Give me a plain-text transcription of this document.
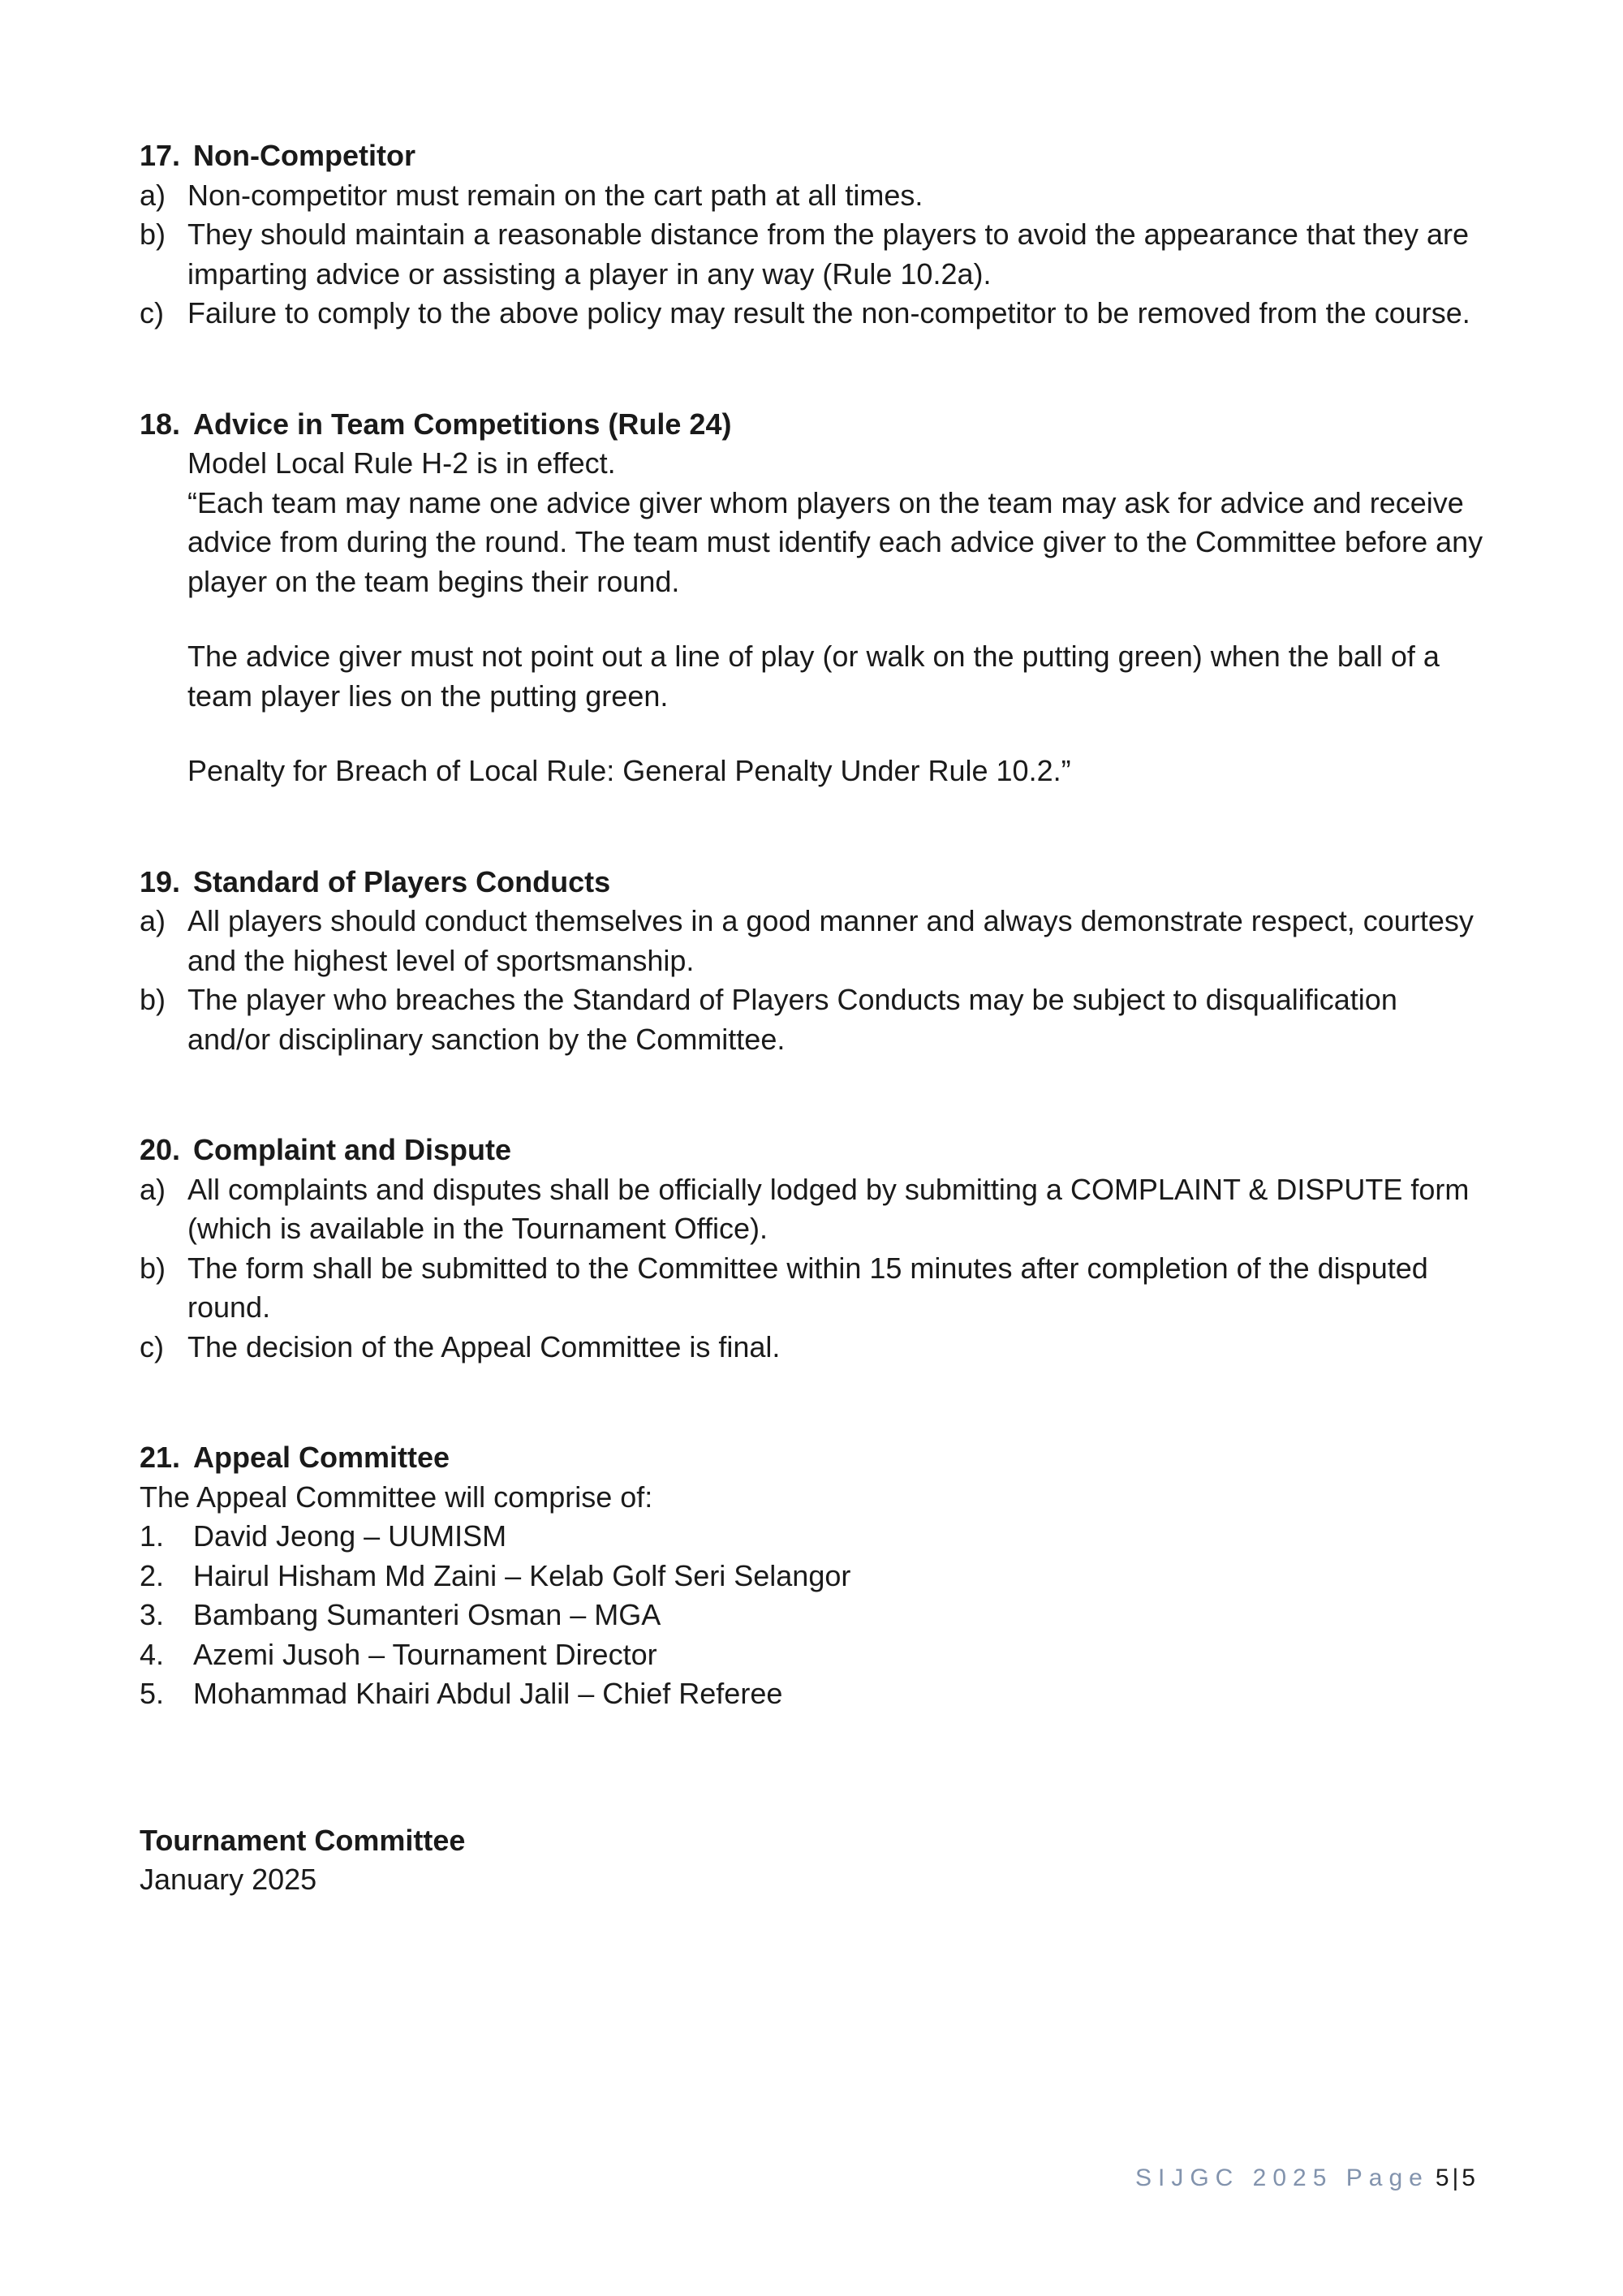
17. Non-Competitor
a) Non-competitor must remain on the cart path at all times.
b) They should maintain a reasonable distance from the players to avoid the appearance that they are imparting advice or assisting a player in any way (Rule 10.2a).
c) Failure to comply to the above policy may result the non-competitor to be removed from the course.
18. Advice in Team Competitions (Rule 24)
Model Local Rule H-2 is in effect.
“Each team may name one advice giver whom players on the team may ask for advice and receive advice from during the round. The team must identify each advice giver to the Committee before any player on the team begins their round.
The advice giver must not point out a line of play (or walk on the putting green) when the ball of a team player lies on the putting green.
Penalty for Breach of Local Rule: General Penalty Under Rule 10.2.”
19. Standard of Players Conducts
a) All players should conduct themselves in a good manner and always demonstrate respect, courtesy and the highest level of sportsmanship.
b) The player who breaches the Standard of Players Conducts may be subject to disqualification and/or disciplinary sanction by the Committee.
20. Complaint and Dispute
a) All complaints and disputes shall be officially lodged by submitting a COMPLAINT & DISPUTE form (which is available in the Tournament Office).
b) The form shall be submitted to the Committee within 15 minutes after completion of the disputed round.
c) The decision of the Appeal Committee is final.
21. Appeal Committee
The Appeal Committee will comprise of:
1. David Jeong – UUMISM
2. Hairul Hisham Md Zaini – Kelab Golf Seri Selangor
3. Bambang Sumanteri Osman – MGA
4. Azemi Jusoh – Tournament Director
5. Mohammad Khairi Abdul Jalil – Chief Referee
Tournament Committee
January 2025
SIJGC 2025 Page 5|5
